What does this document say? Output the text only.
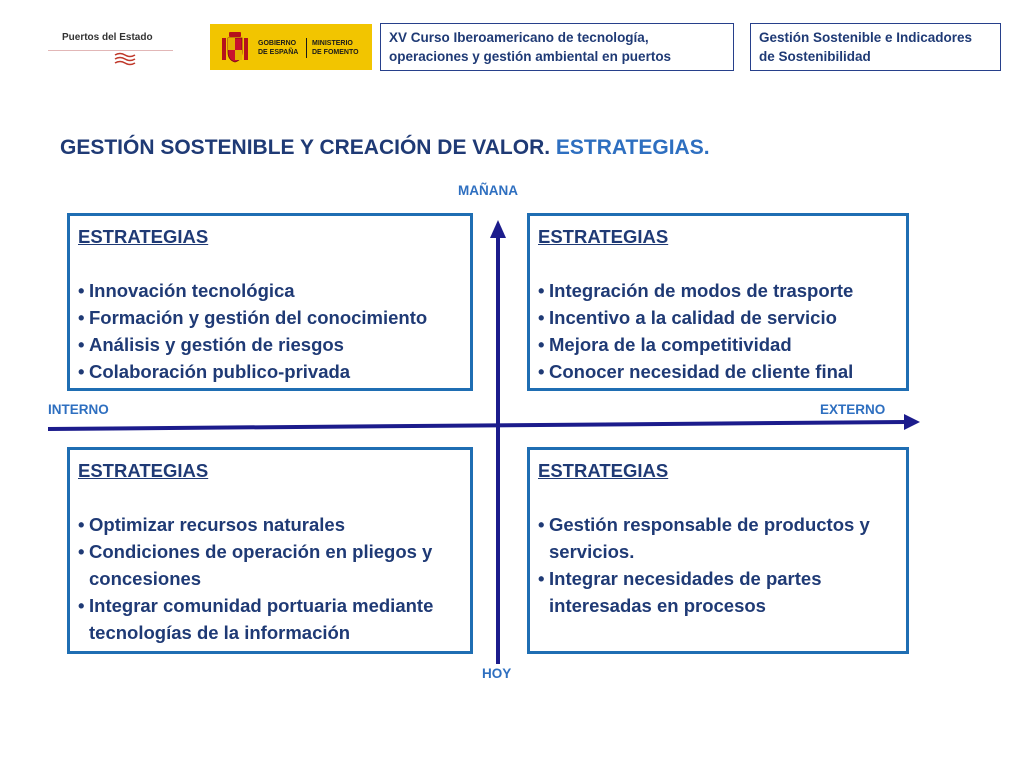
Puertos del Estado
GOBIERNO
DE ESPAÑA
MINISTERIO
DE FOMENTO
XV Curso Iberoamericano de tecnología,
operaciones y gestión ambiental en puertos
Gestión Sostenible e Indicadores
de Sostenibilidad
GESTIÓN SOSTENIBLE Y CREACIÓN DE VALOR. ESTRATEGIAS.
MAÑANA
INTERNO	EXTERNO
HOY
ESTRATEGIAS
• Innovación tecnológica
• Formación y gestión del conocimiento
• Análisis y gestión de riesgos
• Colaboración publico-privada
ESTRATEGIAS
• Integración de modos de trasporte
• Incentivo a la calidad de servicio
• Mejora de la competitividad
• Conocer necesidad de cliente final
ESTRATEGIAS
• Optimizar recursos naturales
• Condiciones de operación en pliegos y concesiones
• Integrar comunidad portuaria mediante tecnologías de la información
ESTRATEGIAS
• Gestión responsable de productos y servicios.
• Integrar necesidades de partes interesadas en procesos
